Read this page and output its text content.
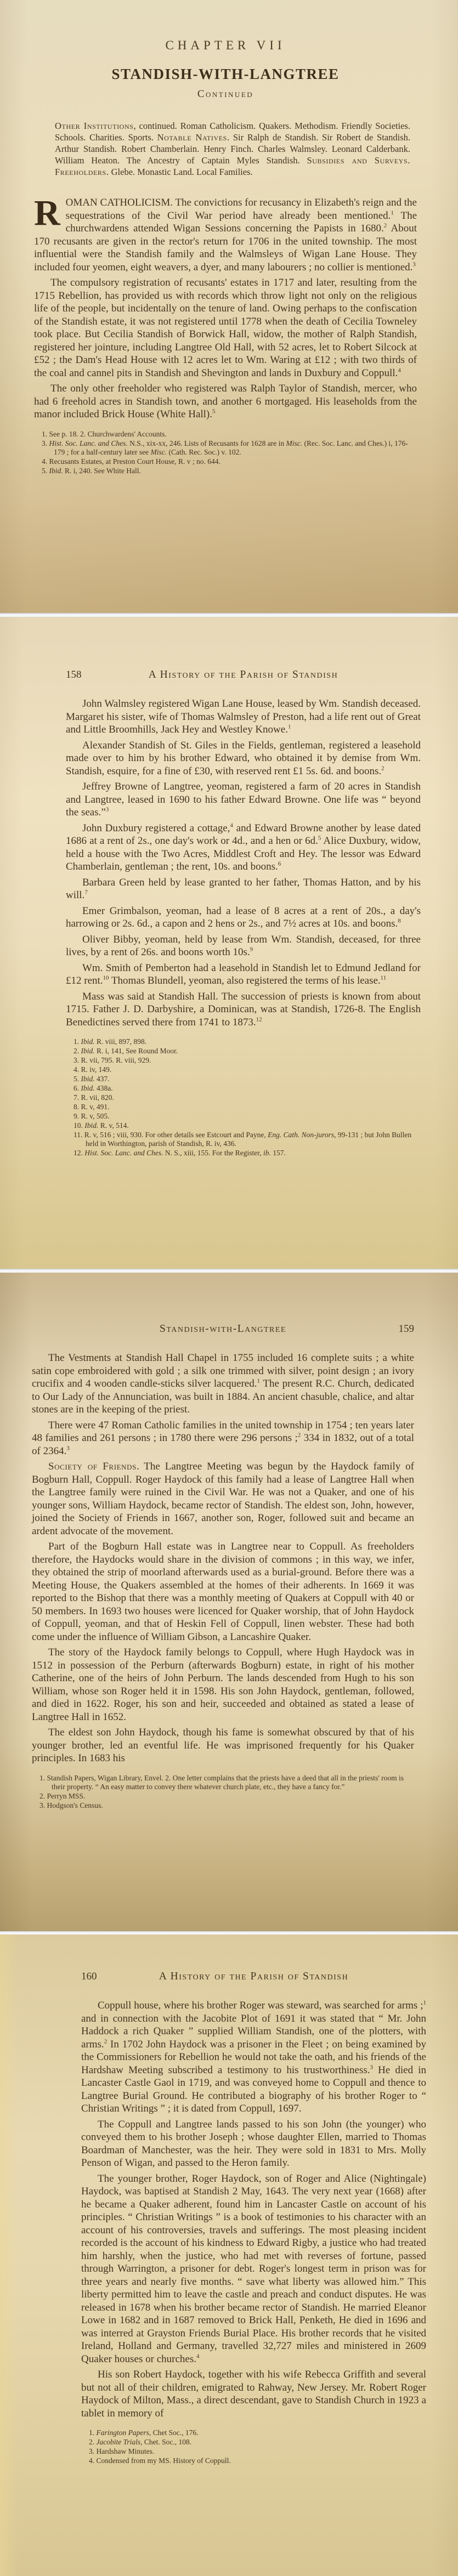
CHAPTER VII
STANDISH-WITH-LANGTREE
Continued

Other Institutions, continued. Roman Catholicism. Quakers. Methodism. Friendly Societies. Schools. Charities. Sports. Notable Natives. Sir Ralph de Standish. Sir Robert de Standish. Arthur Standish. Robert Chamberlain. Henry Finch. Charles Walmsley. Leonard Calderbank. William Heaton. The Ancestry of Captain Myles Standish. Subsidies and Surveys. Freeholders. Glebe. Monastic Land. Local Families.

ROMAN CATHOLICISM. The convictions for recusancy in Elizabeth's reign and the sequestrations of the Civil War period have already been mentioned.$^1$ The churchwardens attended Wigan Sessions concerning the Papists in 1680.$^2$ About 170 recusants are given in the rector's return for 1706 in the united township. The most influential were the Standish family and the Walmsleys of Wigan Lane House. They included four yeomen, eight weavers, a dyer, and many labourers ; no collier is mentioned.$^3$

The compulsory registration of recusants' estates in 1717 and later, resulting from the 1715 Rebellion, has provided us with records which throw light not only on the religious life of the people, but incidentally on the tenure of land. Owing perhaps to the confiscation of the Standish estate, it was not registered until 1778 when the death of Cecilia Towneley took place. But Cecilia Standish of Borwick Hall, widow, the mother of Ralph Standish, registered her jointure, including Langtree Old Hall, with 52 acres, let to Robert Silcock at £52 ; the Dam's Head House with 12 acres let to Wm. Waring at £12 ; with two thirds of the coal and cannel pits in Standish and Shevington and lands in Duxbury and Coppull.$^4$

The only other freeholder who registered was Ralph Taylor of Standish, mercer, who had 6 freehold acres in Standish town, and another 6 mortgaged. His leaseholds from the manor included Brick House (White Hall).$^5$

1. See p. 18. 2. Churchwardens' Accounts.
3. Hist. Soc. Lanc. and Ches. N.S., xix-xx, 246. Lists of Recusants for 1628 are in Misc. (Rec. Soc. Lanc. and Ches.) i, 176-179 ; for a half-century later see Misc. (Cath. Rec. Soc.) v. 102.
4. Recusants Estates, at Preston Court House, R. v ; no. 644.
5. Ibid. R. i, 240. See White Hall.
158	A History of the Parish of Standish

John Walmsley registered Wigan Lane House, leased by Wm. Standish deceased. Margaret his sister, wife of Thomas Walmsley of Preston, had a life rent out of Great and Little Broomhills, Jack Hey and Westley Knowe.$^1$

Alexander Standish of St. Giles in the Fields, gentleman, registered a leasehold made over to him by his brother Edward, who obtained it by demise from Wm. Standish, esquire, for a fine of £30, with reserved rent £1 5s. 6d. and boons.$^2$

Jeffrey Browne of Langtree, yeoman, registered a farm of 20 acres in Standish and Langtree, leased in 1690 to his father Edward Browne. One life was “ beyond the seas.”$^3$

John Duxbury registered a cottage,$^4$ and Edward Browne another by lease dated 1686 at a rent of 2s., one day's work or 4d., and a hen or 6d.$^5$ Alice Duxbury, widow, held a house with the Two Acres, Middlest Croft and Hey. The lessor was Edward Chamberlain, gentleman ; the rent, 10s. and boons.$^6$

Barbara Green held by lease granted to her father, Thomas Hatton, and by his will.$^7$

Emer Grimbalson, yeoman, had a lease of 8 acres at a rent of 20s., a day's harrowing or 2s. 6d., a capon and 2 hens or 2s., and 7½ acres at 10s. and boons.$^8$

Oliver Bibby, yeoman, held by lease from Wm. Standish, deceased, for three lives, by a rent of 26s. and boons worth 10s.$^9$

Wm. Smith of Pemberton had a leasehold in Standish let to Edmund Jedland for £12 rent.$^{10}$ Thomas Blundell, yeoman, also registered the terms of his lease.$^{11}$

Mass was said at Standish Hall. The succession of priests is known from about 1715. Father J. D. Darbyshire, a Dominican, was at Standish, 1726-8. The English Benedictines served there from 1741 to 1873.12

1. Ibid. R. viii, 897, 898.
2. Ibid. R. i, 141, See Round Moor.
3. R. vii, 795. R. viii, 929.
4. R. iv, 149.
5. Ibid. 437.
6. Ibid. 438a.
7. R. vii, 820.
8. R. v, 491.
9. R. v, 505.
10. Ibid. R. v, 514.
11. R. v, 516 ; viii, 930. For other details see Estcourt and Payne, Eng. Cath. Non-jurors, 99-131 ; but John Bullen held in Worthington, parish of Standish, R. iv, 436.
12. Hist. Soc. Lanc. and Ches. N. S., xiii, 155. For the Register, ib. 157.
Standish-with-Langtree	159

The Vestments at Standish Hall Chapel in 1755 included 16 complete suits ; a white satin cope embroidered with gold ; a silk one trimmed with silver, point design ; an ivory crucifix and 4 wooden candle-sticks silver lacquered.$^1$ The present R.C. Church, dedicated to Our Lady of the Annunciation, was built in 1884. An ancient chasuble, chalice, and altar stones are in the keeping of the priest.

There were 47 Roman Catholic families in the united township in 1754 ; ten years later 48 families and 261 persons ; in 1780 there were 296 persons ;$^2$ 334 in 1832, out of a total of 2364.$^3$

Society of Friends. The Langtree Meeting was begun by the Haydock family of Bogburn Hall, Coppull. Roger Haydock of this family had a lease of Langtree Hall when the Langtree family were ruined in the Civil War. He was not a Quaker, and one of his younger sons, William Haydock, became rector of Standish. The eldest son, John, however, joined the Society of Friends in 1667, another son, Roger, followed suit and became an ardent advocate of the movement.

Part of the Bogburn Hall estate was in Langtree near to Coppull. As freeholders therefore, the Haydocks would share in the division of commons ; in this way, we infer, they obtained the strip of moorland afterwards used as a burial-ground. Before there was a Meeting House, the Quakers assembled at the homes of their adherents. In 1669 it was reported to the Bishop that there was a monthly meeting of Quakers at Coppull with 40 or 50 members. In 1693 two houses were licenced for Quaker worship, that of John Haydock of Coppull, yeoman, and that of Heskin Fell of Coppull, linen webster. These had both come under the influence of William Gibson, a Lancashire Quaker.

The story of the Haydock family belongs to Coppull, where Hugh Haydock was in 1512 in possession of the Perburn (afterwards Bogburn) estate, in right of his mother Catherine, one of the heirs of John Perburn. The lands descended from Hugh to his son William, whose son Roger held it in 1598. His son John Haydock, gentleman, followed, and died in 1622. Roger, his son and heir, succeeded and obtained as stated a lease of Langtree Hall in 1652.

The eldest son John Haydock, though his fame is somewhat obscured by that of his younger brother, led an eventful life. He was imprisoned frequently for his Quaker principles. In 1683 his

1. Standish Papers, Wigan Library, Envel. 2. One letter complains that the priests have a deed that all in the priests' room is their property. “ An easy matter to convey there whatever church plate, etc., they have a fancy for.”
2. Perryn MSS.
3. Hodgson's Census.
160	A History of the Parish of Standish

Coppull house, where his brother Roger was steward, was searched for arms ;$^1$ and in connection with the Jacobite Plot of 1691 it was stated that “ Mr. John Haddock a rich Quaker ” supplied William Standish, one of the plotters, with arms.$^2$ In 1702 John Haydock was a prisoner in the Fleet ; on being examined by the Commissioners for Rebellion he would not take the oath, and his friends of the Hardshaw Meeting subscribed a testimony to his trustworthiness.$^3$ He died in Lancaster Castle Gaol in 1719, and was conveyed home to Coppull and thence to Langtree Burial Ground. He contributed a biography of his brother Roger to “ Christian Writings ” ; it is dated from Coppull, 1697.

The Coppull and Langtree lands passed to his son John (the younger) who conveyed them to his brother Joseph ; whose daughter Ellen, married to Thomas Boardman of Manchester, was the heir. They were sold in 1831 to Mrs. Molly Penson of Wigan, and passed to the Heron family.

The younger brother, Roger Haydock, son of Roger and Alice (Nightingale) Haydock, was baptised at Standish 2 May, 1643. The very next year (1668) after he became a Quaker adherent, found him in Lancaster Castle on account of his principles. “ Christian Writings ” is a book of testimonies to his character with an account of his controversies, travels and sufferings. The most pleasing incident recorded is the account of his kindness to Edward Rigby, a justice who had treated him harshly, when the justice, who had met with reverses of fortune, passed through Warrington, a prisoner for debt. Roger's longest term in prison was for three years and nearly five months. “ save what liberty was allowed him.” This liberty permitted him to leave the castle and preach and conduct disputes. He was released in 1678 when his brother became rector of Standish. He married Eleanor Lowe in 1682 and in 1687 removed to Brick Hall, Penketh, He died in 1696 and was interred at Grayston Friends Burial Place. His brother records that he visited Ireland, Holland and Germany, travelled 32,727 miles and ministered in 2609 Quaker houses or churches.$^4$

His son Robert Haydock, together with his wife Rebecca Griffith and several but not all of their children, emigrated to Rahway, New Jersey. Mr. Robert Roger Haydock of Milton, Mass., a direct descendant, gave to Standish Church in 1923 a tablet in memory of

1. Farington Papers, Chet Soc., 176.
2. Jacobite Trials, Chet. Soc., 108.
3. Hardshaw Minutes.
4. Condensed from my MS. History of Coppull.
